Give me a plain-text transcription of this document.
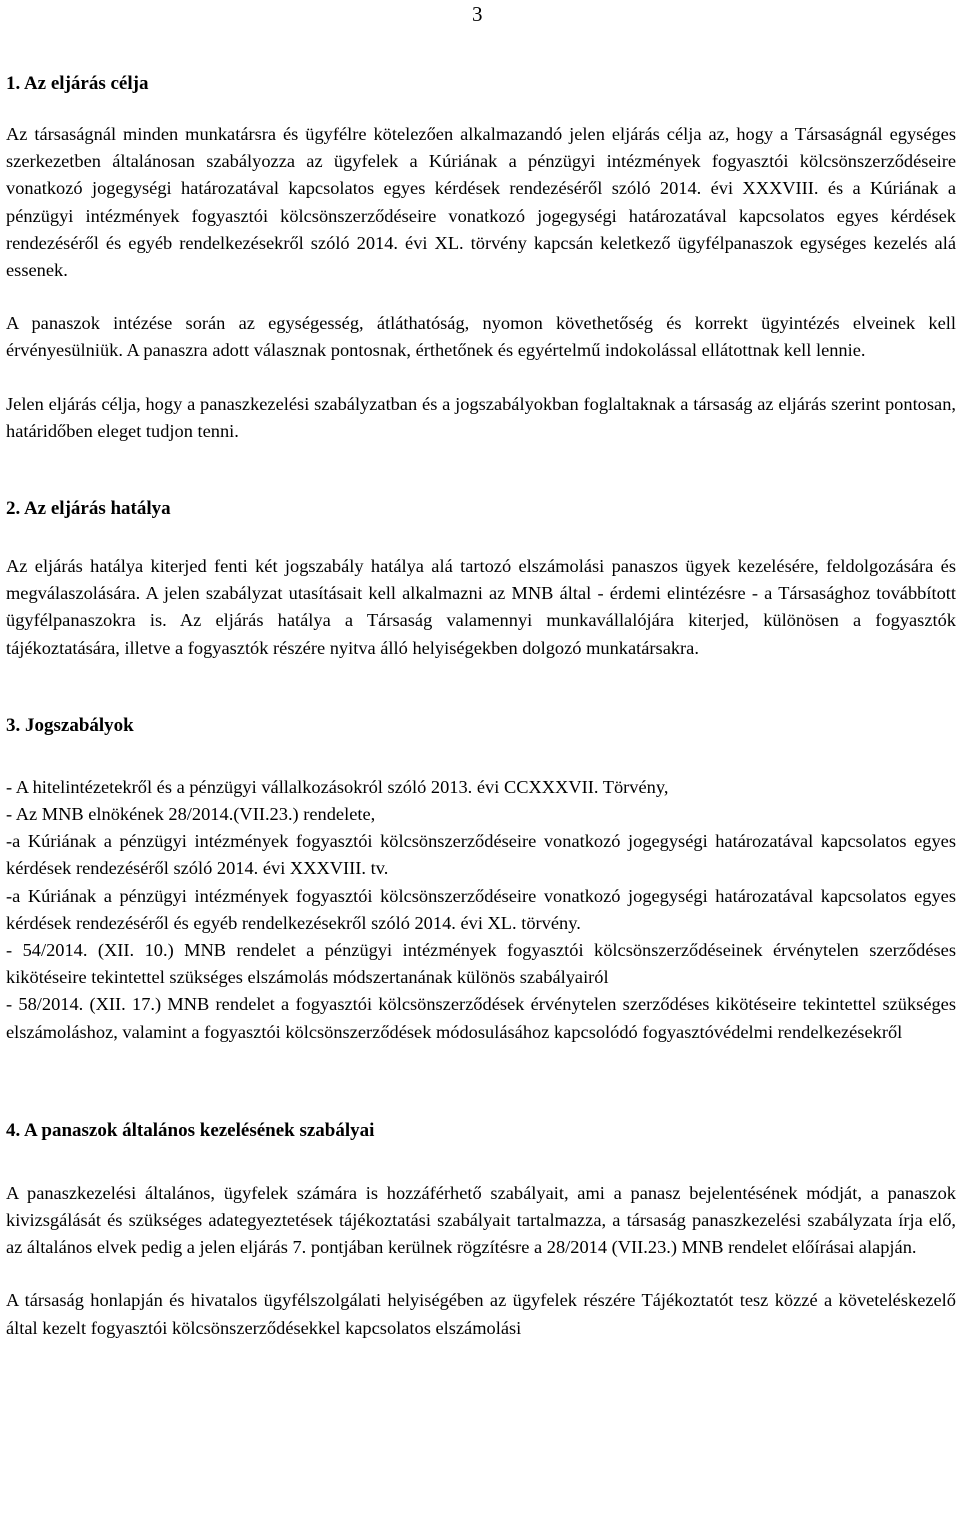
3
1. Az eljárás célja

Az társaságnál minden munkatársra és ügyfélre kötelezően alkalmazandó jelen eljárás célja az, hogy a Társaságnál egységes szerkezetben általánosan szabályozza az ügyfelek a Kúriának a pénzügyi intézmények fogyasztói kölcsönszerződéseire vonatkozó jogegységi határozatával kapcsolatos egyes kérdések rendezéséről szóló 2014. évi XXXVIII. és a Kúriának a pénzügyi intézmények fogyasztói kölcsönszerződéseire vonatkozó jogegységi határozatával kapcsolatos egyes kérdések rendezéséről és egyéb rendelkezésekről szóló 2014. évi XL. törvény kapcsán keletkező ügyfélpanaszok egységes kezelés alá essenek.

A panaszok intézése során az egységesség, átláthatóság, nyomon követhetőség és korrekt ügyintézés elveinek kell érvényesülniük. A panaszra adott válasznak pontosnak, érthetőnek és egyértelmű indokolással ellátottnak kell lennie.

Jelen eljárás célja, hogy a panaszkezelési szabályzatban és a jogszabályokban foglaltaknak a társaság az eljárás szerint pontosan, határidőben eleget tudjon tenni.

2. Az eljárás hatálya

Az eljárás hatálya kiterjed fenti két jogszabály hatálya alá tartozó elszámolási panaszos ügyek kezelésére, feldolgozására és megválaszolására. A jelen szabályzat utasításait kell alkalmazni az MNB által - érdemi elintézésre - a Társasághoz továbbított ügyfélpanaszokra is. Az eljárás hatálya a Társaság valamennyi munkavállalójára kiterjed, különösen a fogyasztók tájékoztatására, illetve a fogyasztók részére nyitva álló helyiségekben dolgozó munkatársakra.

3. Jogszabályok
- A hitelintézetekről és a pénzügyi vállalkozásokról szóló 2013. évi CCXXXVII. Törvény,
- Az MNB elnökének 28/2014.(VII.23.) rendelete,
-a Kúriának a pénzügyi intézmények fogyasztói kölcsönszerződéseire vonatkozó jogegységi határozatával kapcsolatos egyes kérdések rendezéséről szóló 2014. évi XXXVIII. tv.
-a Kúriának a pénzügyi intézmények fogyasztói kölcsönszerződéseire vonatkozó jogegységi határozatával kapcsolatos egyes kérdések rendezéséről és egyéb rendelkezésekről szóló 2014. évi XL. törvény.
- 54/2014. (XII. 10.) MNB rendelet a pénzügyi intézmények fogyasztói kölcsönszerződéseinek érvénytelen szerződéses kikötéseire tekintettel szükséges elszámolás módszertanának különös szabályairól
- 58/2014. (XII. 17.) MNB rendelet a fogyasztói kölcsönszerződések érvénytelen szerződéses kikötéseire tekintettel szükséges elszámoláshoz, valamint a fogyasztói kölcsönszerződések módosulásához kapcsolódó fogyasztóvédelmi rendelkezésekről
4. A panaszok általános kezelésének szabályai

A panaszkezelési általános, ügyfelek számára is hozzáférhető szabályait, ami a panasz bejelentésének módját, a panaszok kivizsgálását és szükséges adategyeztetések tájékoztatási szabályait tartalmazza, a társaság panaszkezelési szabályzata írja elő, az általános elvek pedig a jelen eljárás 7. pontjában kerülnek rögzítésre a 28/2014 (VII.23.) MNB rendelet előírásai alapján.

A társaság honlapján és hivatalos ügyfélszolgálati helyiségében az ügyfelek részére Tájékoztatót tesz közzé a követeléskezelő által kezelt fogyasztói kölcsönszerződésekkel kapcsolatos elszámolási
